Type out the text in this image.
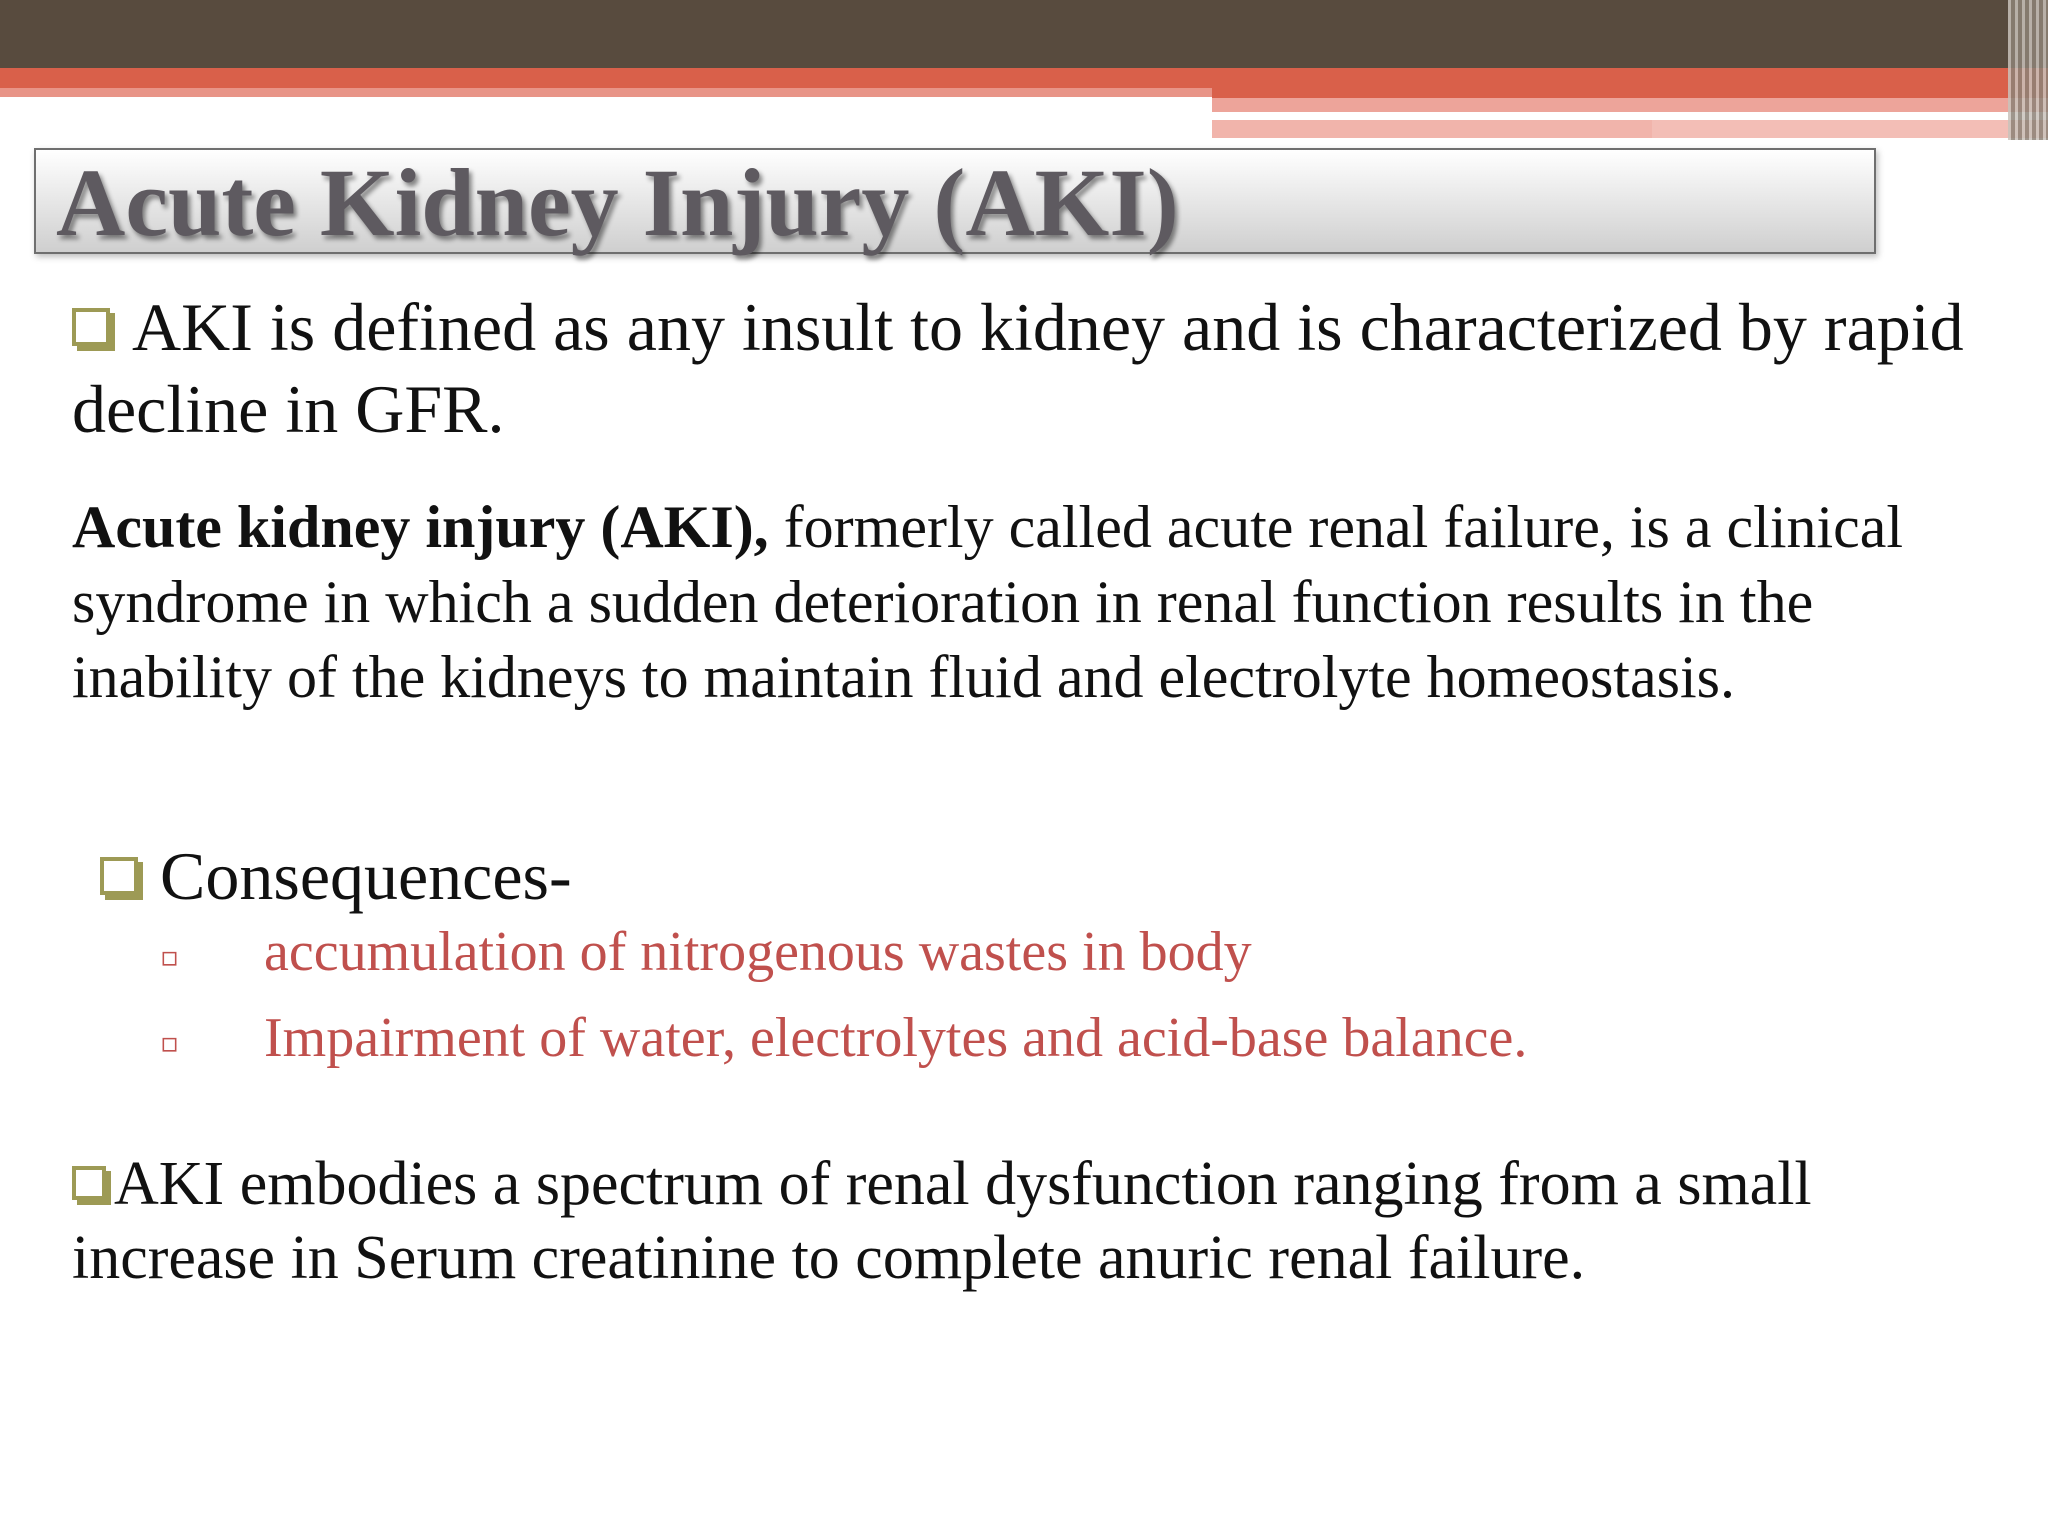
Acute Kidney Injury (AKI)
AKI is defined as any insult to kidney and is characterized by rapid decline in GFR.
Acute kidney injury (AKI), formerly called acute renal failure, is a clinical syndrome in which a sudden deterioration in renal function results in the inability of the kidneys to maintain fluid and electrolyte homeostasis.
Consequences-
▫ accumulation of nitrogenous wastes in body
▫ Impairment of water, electrolytes and acid-base balance.
AKI embodies a spectrum of renal dysfunction ranging from a small increase in Serum creatinine to complete anuric renal failure.
